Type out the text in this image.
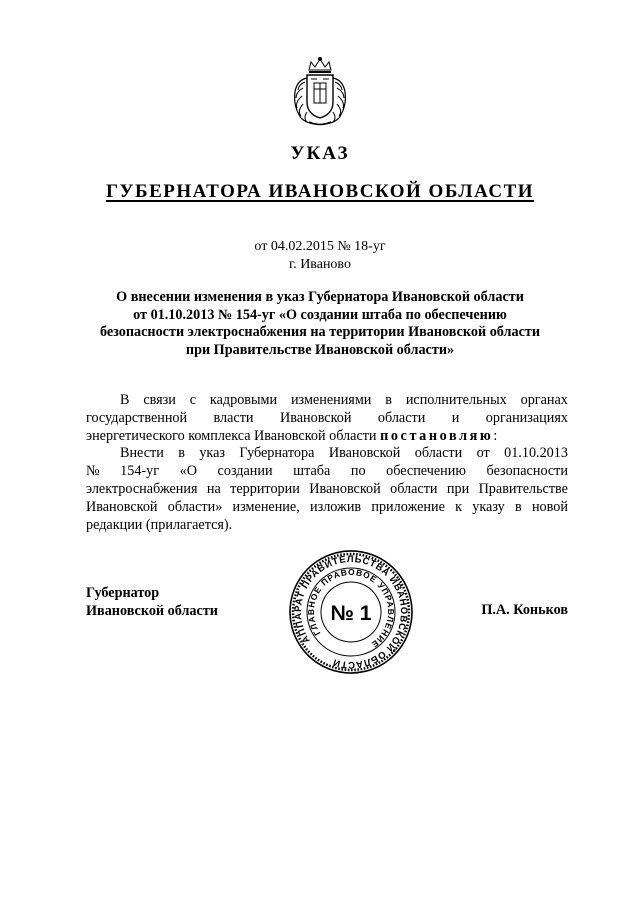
УКАЗ
ГУБЕРНАТОРА ИВАНОВСКОЙ ОБЛАСТИ
от 04.02.2015 № 18-уг
г. Иваново
О внесении изменения в указ Губернатора Ивановской области
от 01.10.2013 № 154-уг «О создании штаба по обеспечению
безопасности электроснабжения на территории Ивановской области
при Правительстве Ивановской области»
В связи с кадровыми изменениями в исполнительных органах
государственной власти Ивановской области и организациях
энергетического комплекса Ивановской области постановляю :
Внести в указ Губернатора Ивановской области от 01.10.2013
№ 154-уг «О создании штаба по обеспечению безопасности
электроснабжения на территории Ивановской области при Правительстве
Ивановской области» изменение, изложив приложение к указу в новой
редакции (прилагается).
Губернатор
Ивановской области	П.А. Коньков
АППАРАТ ПРАВИТЕЛЬСТВА ИВАНОВСКОЙ ОБЛАСТИ
ГЛАВНОЕ ПРАВОВОЕ УПРАВЛЕНИЕ
№ 1
